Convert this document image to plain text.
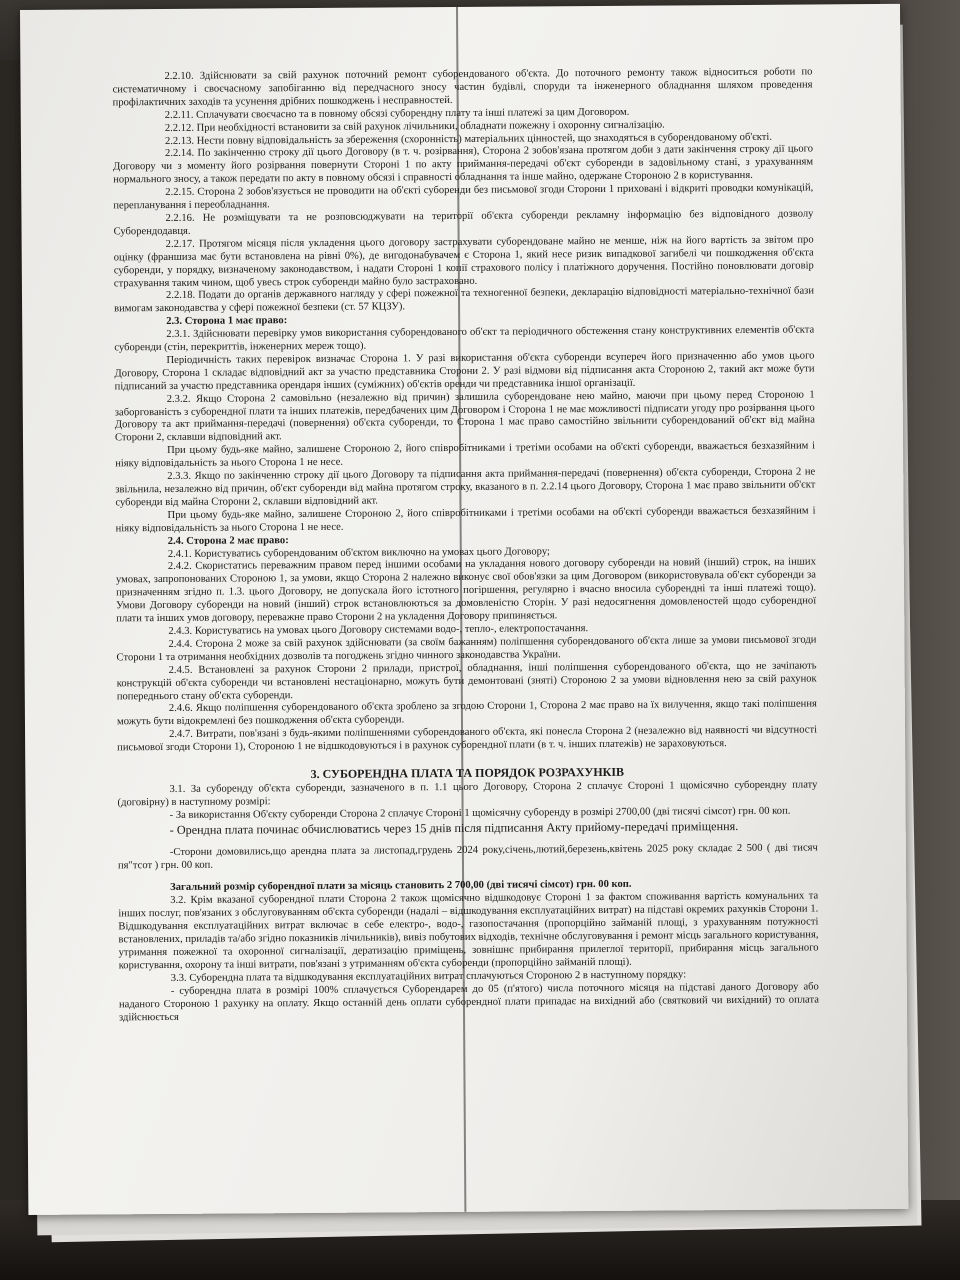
2.2.10. Здійснювати за свій рахунок поточний ремонт суборендованого об'єкта. До поточного ремонту також відноситься роботи по систематичному і своєчасному запобіганню від передчасного зносу частин будівлі, споруди та інженерного обладнання шляхом проведення профілактичних заходів та усунення дрібних пошкоджень і несправностей.

2.2.11. Сплачувати своєчасно та в повному обсязі суборендну плату та інші платежі за цим Договором.

2.2.12. При необхідності встановити за свій рахунок лічильники, обладнати пожежну і охоронну сигналізацію.

2.2.13. Нести повну відповідальність за збереження (схоронність) матеріальних цінностей, що знаходяться в суборендованому об'єкті.

2.2.14. По закінченню строку дії цього Договору (в т. ч. розірвання), Сторона 2 зобов'язана протягом доби з дати закінчення строку дії цього Договору чи з моменту його розірвання повернути Стороні 1 по акту приймання-передачі об'єкт суборенди в задовільному стані, з урахуванням нормального зносу, а також передати по акту в повному обсязі і справності обладнання та інше майно, одержане Стороною 2 в користування.

2.2.15. Сторона 2 зобов'язується не проводити на об'єкті суборенди без письмової згоди Сторони 1 приховані і відкриті проводки комунікацій, перепланування і переобладнання.

2.2.16. Не розміщувати та не розповсюджувати на території об'єкта суборенди рекламну інформацію без відповідного дозволу Суборендодавця.

2.2.17. Протягом місяця після укладення цього договору застрахувати суборендоване майно не менше, ніж на його вартість за звітом про оцінку (франшиза має бути встановлена на рівні 0%), де вигодонабувачем є Сторона 1, який несе ризик випадкової загибелі чи пошкодження об'єкта суборенди, у порядку, визначеному законодавством, і надати Стороні 1 копії страхового полісу і платіжного доручення. Постійно поновлювати договір страхування таким чином, щоб увесь строк суборенди майно було застраховано.

2.2.18. Подати до органів державного нагляду у сфері пожежної та техногенної безпеки, декларацію відповідності матеріально-технічної бази вимогам законодавства у сфері пожежної безпеки (ст. 57 КЦЗУ).

2.3. Сторона 1 має право:

2.3.1. Здійснювати перевірку умов використання суборендованого об'єкт та періодичного обстеження стану конструктивних елементів об'єкта суборенди (стін, перекриттів, інженерних мереж тощо).

Періодичність таких перевірок визначає Сторона 1. У разі використання об'єкта суборенди всупереч його призначенню або умов цього Договору, Сторона 1 складає відповідний акт за участю представника Сторони 2. У разі відмови від підписання акта Стороною 2, такий акт може бути підписаний за участю представника орендаря інших (суміжних) об'єктів оренди чи представника іншої організації.

2.3.2. Якщо Сторона 2 самовільно (незалежно від причин) залишила суборендоване нею майно, маючи при цьому перед Стороною 1 заборгованість з суборендної плати та інших платежів, передбачених цим Договором і Сторона 1 не має можливості підписати угоду про розірвання цього Договору та акт приймання-передачі (повернення) об'єкта суборенди, то Сторона 1 має право самостійно звільнити суборендований об'єкт від майна Сторони 2, склавши відповідний акт.

При цьому будь-яке майно, залишене Стороною 2, його співробітниками і третіми особами на об'єкті суборенди, вважається безхазяйним і ніяку відповідальність за нього Сторона 1 не несе.

2.3.3. Якщо по закінченню строку дії цього Договору та підписання акта приймання-передачі (повернення) об'єкта суборенди, Сторона 2 не звільнила, незалежно від причин, об'єкт суборенди від майна протягом строку, вказаного в п. 2.2.14 цього Договору, Сторона 1 має право звільнити об'єкт суборенди від майна Сторони 2, склавши відповідний акт.

При цьому будь-яке майно, залишене Стороною 2, його співробітниками і третіми особами на об'єкті суборенди вважається безхазяйним і ніяку відповідальність за нього Сторона 1 не несе.

2.4. Сторона 2 має право:

2.4.1. Користуватись суборендованим об'єктом виключно на умовах цього Договору;

2.4.2. Скористатись переважним правом перед іншими особами на укладання нового договору суборенди на новий (інший) строк, на інших умовах, запропонованих Стороною 1, за умови, якщо Сторона 2 належно виконує свої обов'язки за цим Договором (використовувала об'єкт суборенди за призначенням згідно п. 1.3. цього Договору, не допускала його істотного погіршення, регулярно і вчасно вносила суборендні та інші платежі тощо). Умови Договору суборенди на новий (інший) строк встановлюються за домовленістю Сторін. У разі недосягнення домовленостей щодо суборендної плати та інших умов договору, переважне право Сторони 2 на укладення Договору припиняється.

2.4.3. Користуватись на умовах цього Договору системами водо-, тепло-, електропостачання.

2.4.4. Сторона 2 може за свій рахунок здійснювати (за своїм бажанням) поліпшення суборендованого об'єкта лише за умови письмової згоди Сторони 1 та отримання необхідних дозволів та погоджень згідно чинного законодавства України.

2.4.5. Встановлені за рахунок Сторони 2 прилади, пристрої, обладнання, інші поліпшення суборендованого об'єкта, що не зачіпають конструкцій об'єкта суборенди чи встановлені нестаціонарно, можуть бути демонтовані (зняті) Стороною 2 за умови відновлення нею за свій рахунок попереднього стану об'єкта суборенди.

2.4.6. Якщо поліпшення суборендованого об'єкта зроблено за згодою Сторони 1, Сторона 2 має право на їх вилучення, якщо такі поліпшення можуть бути відокремлені без пошкодження об'єкта суборенди.

2.4.7. Витрати, пов'язані з будь-якими поліпшеннями суборендованого об'єкта, які понесла Сторона 2 (незалежно від наявності чи відсутності письмової згоди Сторони 1), Стороною 1 не відшкодовуються і в рахунок суборендної плати (в т. ч. інших платежів) не зараховуються.

3. СУБОРЕНДНА ПЛАТА ТА ПОРЯДОК РОЗРАХУНКІВ

3.1. За суборенду об'єкта суборенди, зазначеного в п. 1.1 цього Договору, Сторона 2 сплачує Стороні 1 щомісячно суборендну плату (договірну) в наступному розмірі:

- За використання Об'єкту суборенди Сторона 2 сплачує Стороні 1 щомісячну суборенду в розмірі 2700,00 (дві тисячі сімсот) грн. 00 коп.

- Орендна плата починає обчислюватись через 15 днів після підписання Акту прийому-передачі приміщення.

-Сторони домовились,що арендна плата за листопад,грудень 2024 року,січень,лютий,березень,квітень 2025 року складає 2 500 ( дві тисяч пя"тсот ) грн. 00 коп.

Загальний розмір суборендної плати за місяць становить 2 700,00 (дві тисячі сімсот) грн. 00 коп.

3.2. Крім вказаної суборендної плати Сторона 2 також щомісячно відшкодовує Стороні 1 за фактом споживання вартість комунальних та інших послуг, пов'язаних з обслуговуванням об'єкта суборенди (надалі – відшкодування експлуатаційних витрат) на підставі окремих рахунків Сторони 1. Відшкодування експлуатаційних витрат включає в себе електро-, водо-, газопостачання (пропорційно займаній площі, з урахуванням потужності встановлених, приладів та/або згідно показників лічильників), вивіз побутових відходів, технічне обслуговування і ремонт місць загального користування, утримання пожежної та охоронної сигналізації, дератизацію приміщень, зовнішнє прибирання прилеглої території, прибирання місць загального користування, охорону та інші витрати, пов'язані з утриманням об'єкта суборенди (пропорційно займаній площі).

3.3. Суборендна плата та відшкодування експлуатаційних витрат сплачуються Стороною 2 в наступному порядку:

- суборендна плата в розмірі 100% сплачується Суборендарем до 05 (п'ятого) числа поточного місяця на підставі даного Договору або наданого Стороною 1 рахунку на оплату. Якщо останній день оплати суборендної плати припадає на вихідний або (святковий чи вихідний) то оплата здійснюється
